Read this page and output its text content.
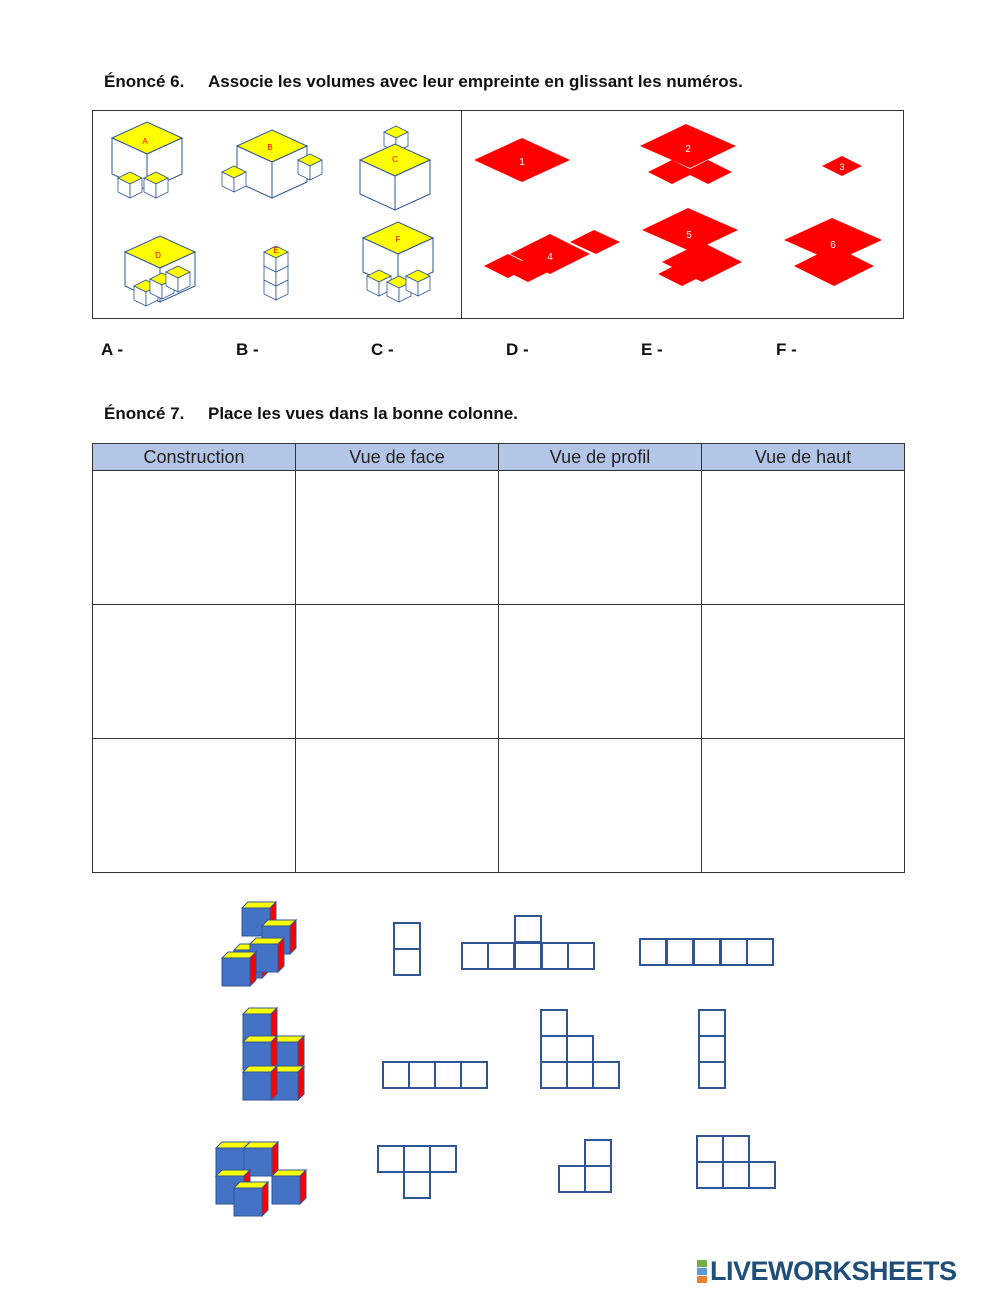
Énoncé 6. Associe les volumes avec leur empreinte en glissant les numéros.
A
B
C
D
E
F
1
2
3
4
5
6
A -	B -	C -	D -	E -	F -
Énoncé 7. Place les vues dans la bonne colonne.
Construction	Vue de face	Vue de profil	Vue de haut

LIVEWORKSHEETS
